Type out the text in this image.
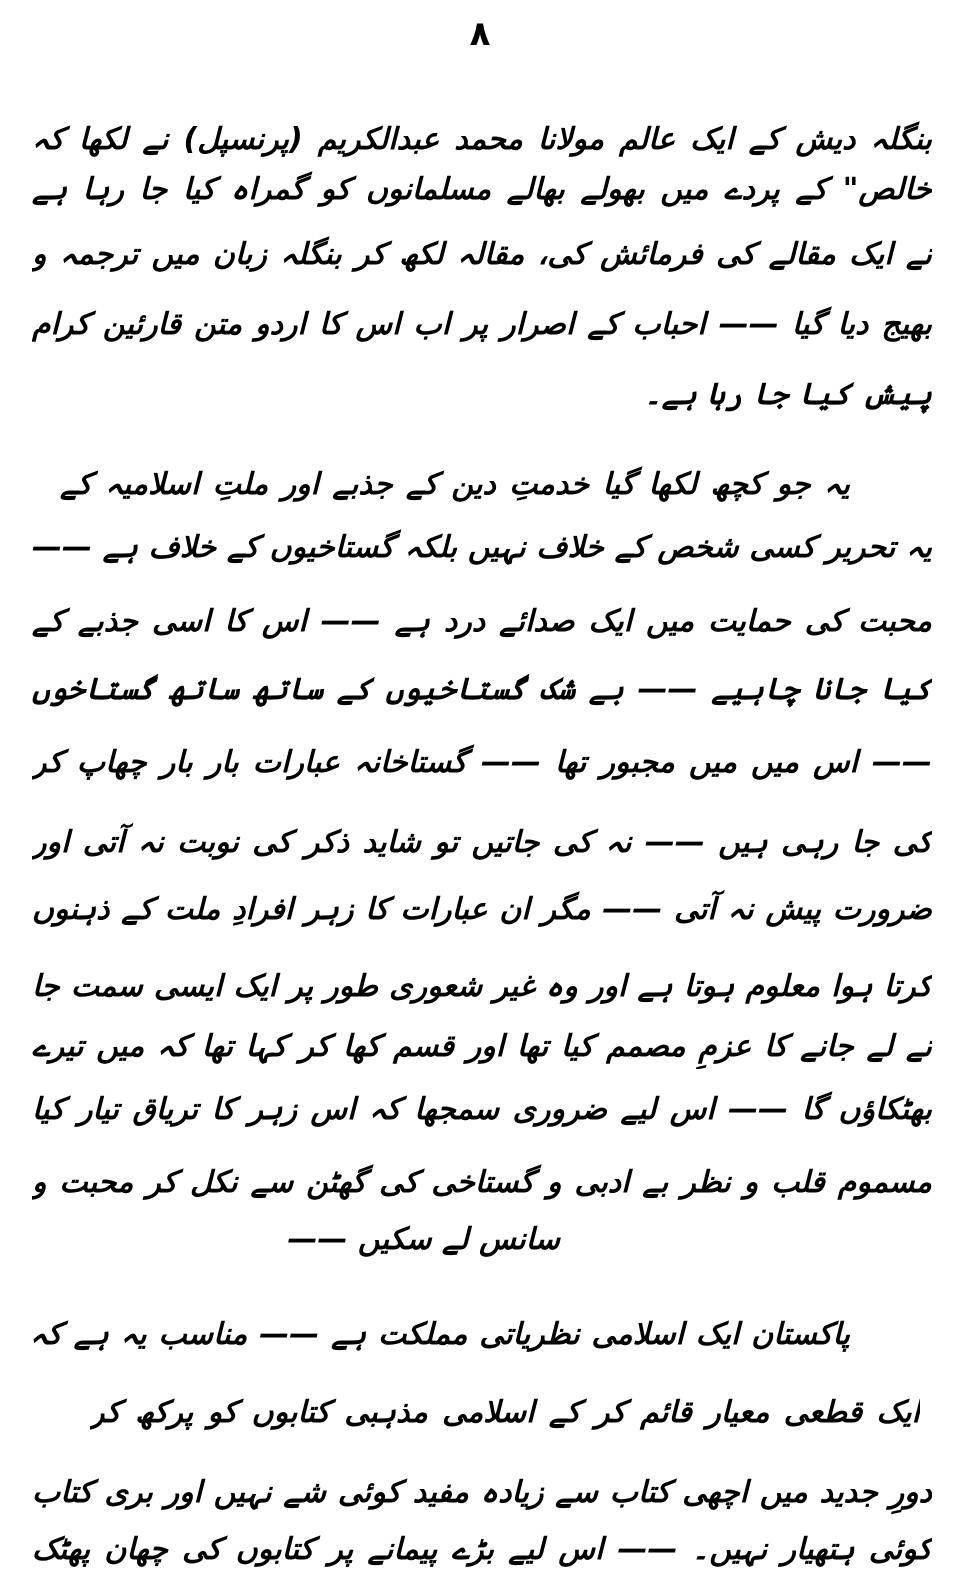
۸
بنگلہ دیش کے ایک عالم مولانا محمد عبدالکریم (پرنسپل) نے لکھا کہ
خالص" کے پردے میں بھولے بھالے مسلمانوں کو گمراہ کیا جا رہا ہے
نے ایک مقالے کی فرمائش کی، مقالہ لکھ کر بنگلہ زبان میں ترجمہ و
بھیج دیا گیا —— احباب کے اصرار پر اب اس کا اردو متن قارئین کرام
پیش کیا جا رہا ہے۔
یہ جو کچھ لکھا گیا خدمتِ دین کے جذبے اور ملتِ اسلامیہ کے
یہ تحریر کسی شخص کے خلاف نہیں بلکہ گستاخیوں کے خلاف ہے ——
محبت کی حمایت میں ایک صدائے درد ہے —— اس کا اسی جذبے کے
کیا جانا چاہیے —— بے شک گستاخیوں کے ساتھ ساتھ گستاخوں
—— اس میں میں مجبور تھا —— گستاخانہ عبارات بار بار چھاپ کر
کی جا رہی ہیں —— نہ کی جاتیں تو شاید ذکر کی نوبت نہ آتی اور
ضرورت پیش نہ آتی —— مگر ان عبارات کا زہر افرادِ ملت کے ذہنوں
کرتا ہوا معلوم ہوتا ہے اور وہ غیر شعوری طور پر ایک ایسی سمت جا
نے لے جانے کا عزمِ مصمم کیا تھا اور قسم کھا کر کہا تھا کہ میں تیرے
بھٹکاؤں گا —— اس لیے ضروری سمجھا کہ اس زہر کا تریاق تیار کیا
مسموم قلب و نظر بے ادبی و گستاخی کی گھٹن سے نکل کر محبت و
سانس لے سکیں ——
پاکستان ایک اسلامی نظریاتی مملکت ہے —— مناسب یہ ہے کہ
ایک قطعی معیار قائم کر کے اسلامی مذہبی کتابوں کو پرکھ کر
دورِ جدید میں اچھی کتاب سے زیادہ مفید کوئی شے نہیں اور بری کتاب
کوئی ہتھیار نہیں۔ —— اس لیے بڑے پیمانے پر کتابوں کی چھان پھٹک
